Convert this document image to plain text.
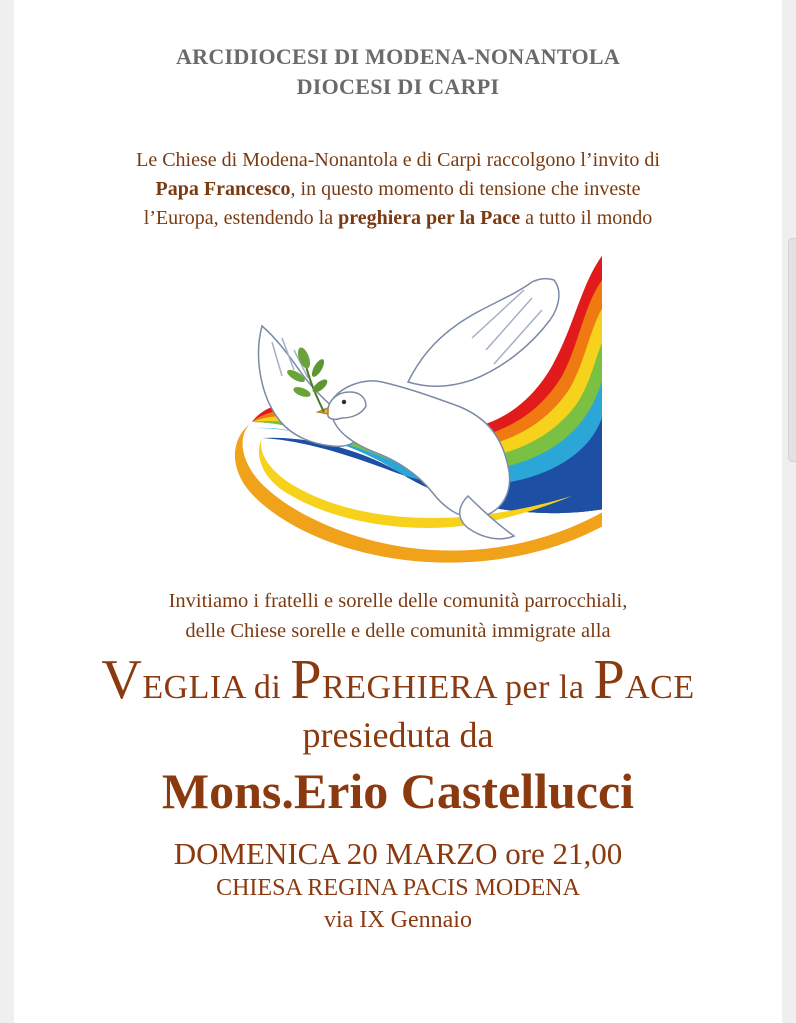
ARCIDIOCESI DI MODENA-NONANTOLA
DIOCESI DI CARPI
Le Chiese di Modena-Nonantola e di Carpi raccolgono l’invito di
Papa Francesco, in questo momento di tensione che investe
l’Europa, estendendo la preghiera per la Pace a tutto il mondo
Invitiamo i fratelli e sorelle delle comunità parrocchiali,
delle Chiese sorelle e delle comunità immigrate alla
VEGLIA di PREGHIERA per la PACE
presieduta da
Mons.Erio Castellucci
DOMENICA 20 MARZO ore 21,00
CHIESA REGINA PACIS MODENA
via IX Gennaio
